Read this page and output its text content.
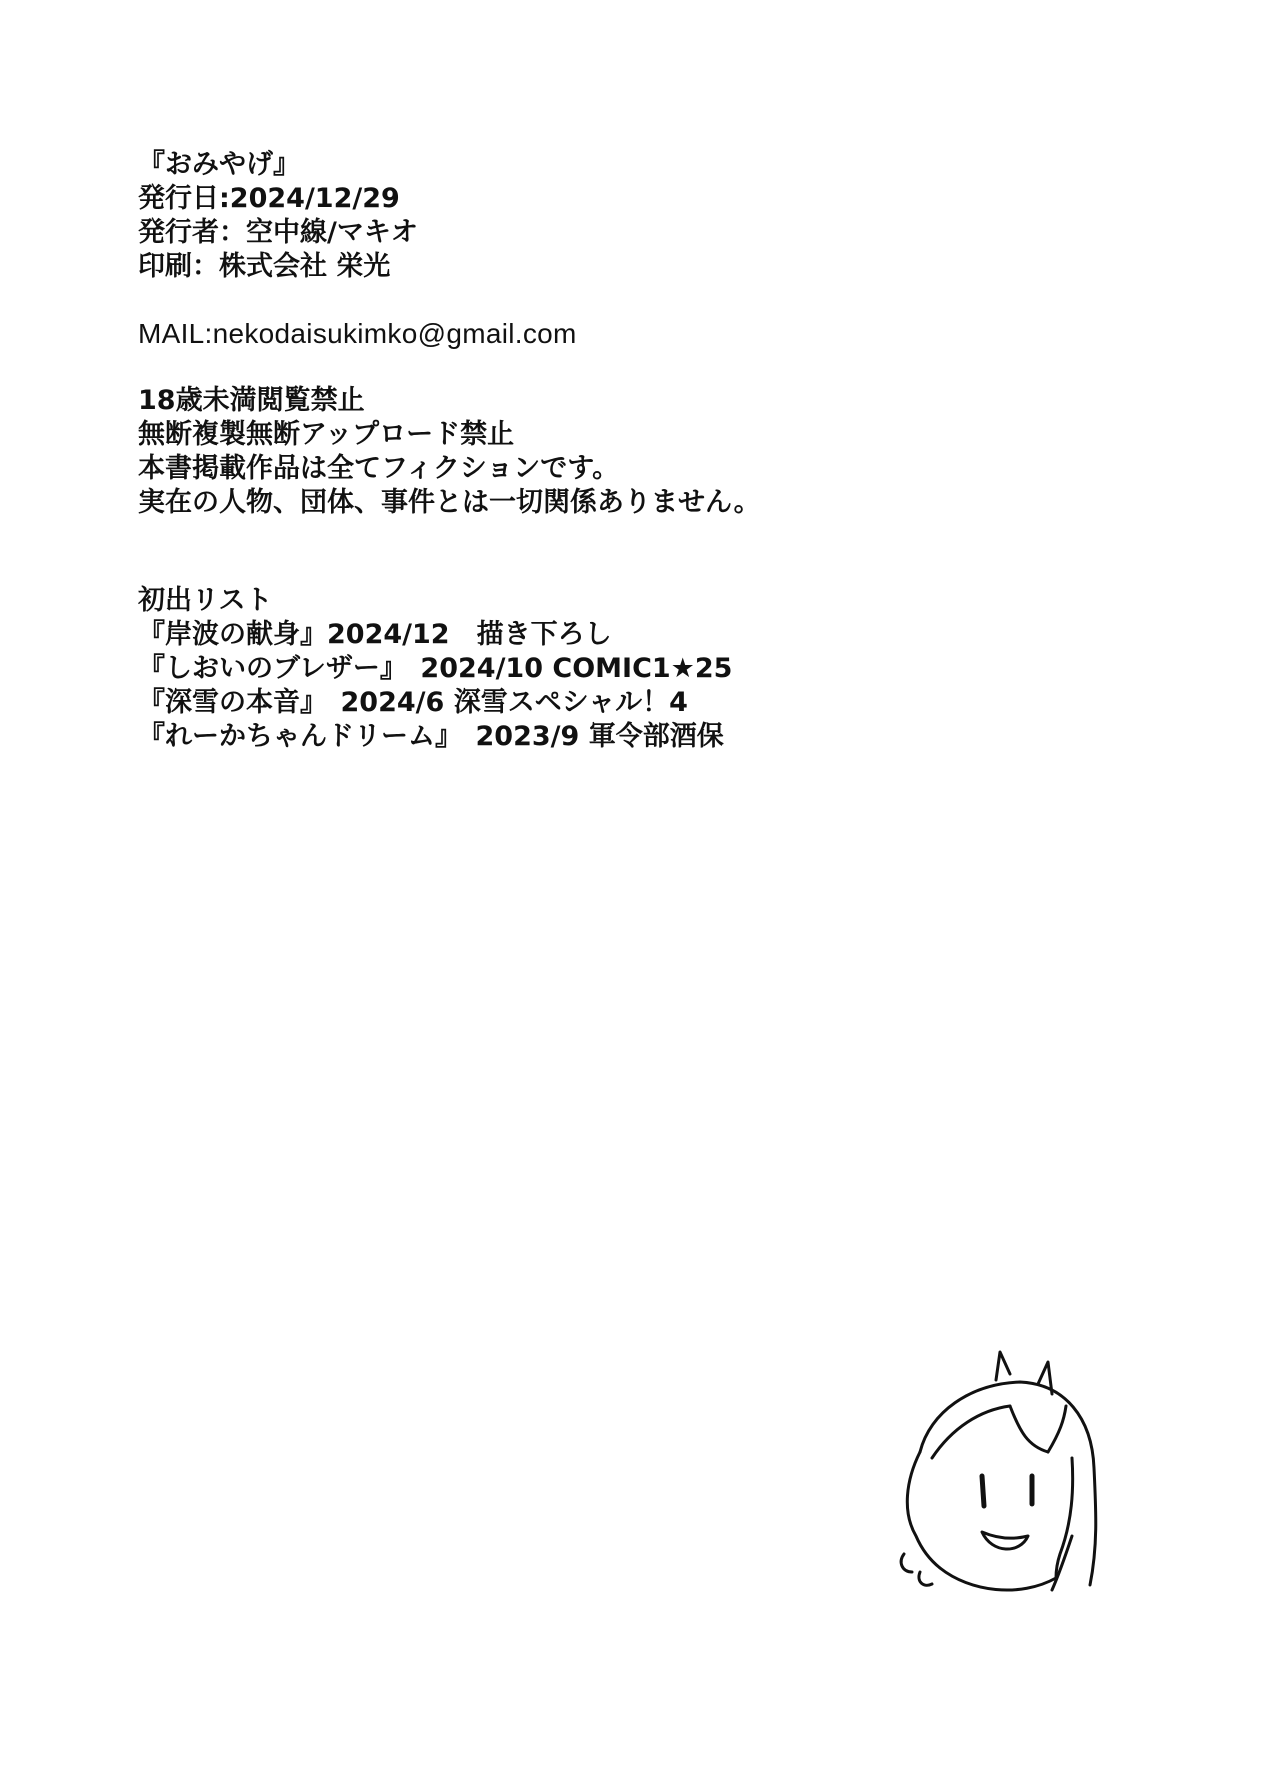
『おみやげ』
発行日:2024/12/29
発行者：空中線/マキオ
印刷：株式会社 栄光
MAIL:nekodaisukimko@gmail.com
18歳未満閲覧禁止
無断複製無断アップロード禁止
本書掲載作品は全てフィクションです。
実在の人物、団体、事件とは一切関係ありません。
初出リスト
『岸波の献身』2024/12　描き下ろし
『しおいのブレザー』　2024/10 COMIC1★25
『深雪の本音』　2024/6 深雪スペシャル！4
『れーかちゃんドリーム』　2023/9 軍令部酒保
